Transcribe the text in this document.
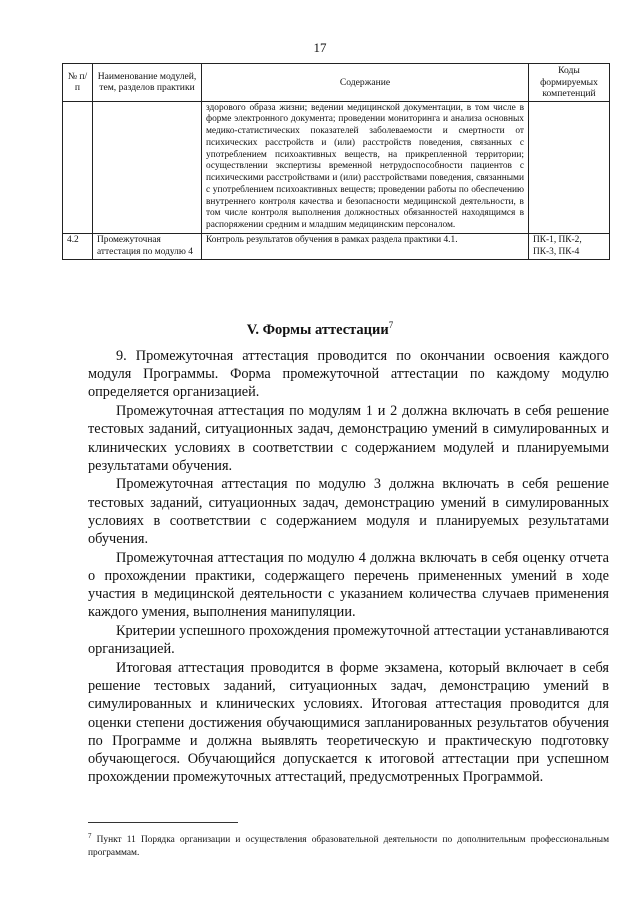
17
№ п/п	Наименование модулей, тем, разделов практики	Содержание	Коды формируемых компетенций
		здорового образа жизни; ведении медицинской документации, в том числе в форме электронного документа; проведении мониторинга и анализа основных медико-статистических показателей заболеваемости и смертности от психических расстройств и (или) расстройств поведения, связанных с употреблением психоактивных веществ, на прикрепленной территории; осуществлении экспертизы временной нетрудоспособности пациентов с психическими расстройствами и (или) расстройствами поведения, связанными с употреблением психоактивных веществ; проведении работы по обеспечению внутреннего контроля качества и безопасности медицинской деятельности, в том числе контроля выполнения должностных обязанностей находящимся в распоряжении средним и младшим медицинским персоналом.	
4.2	Промежуточная аттестация по модулю 4	Контроль результатов обучения в рамках раздела практики 4.1.	ПК-1, ПК-2, ПК-3, ПК-4
V. Формы аттестации$^7$

9. Промежуточная аттестация проводится по окончании освоения каждого модуля Программы. Форма промежуточной аттестации по каждому модулю определяется организацией.

Промежуточная аттестация по модулям 1 и 2 должна включать в себя решение тестовых заданий, ситуационных задач, демонстрацию умений в симулированных и клинических условиях в соответствии с содержанием модулей и планируемыми результатами обучения.

Промежуточная аттестация по модулю 3 должна включать в себя решение тестовых заданий, ситуационных задач, демонстрацию умений в симулированных условиях в соответствии с содержанием модуля и планируемых результатами обучения.

Промежуточная аттестация по модулю 4 должна включать в себя оценку отчета о прохождении практики, содержащего перечень примененных умений в ходе участия в медицинской деятельности с указанием количества случаев применения каждого умения, выполнения манипуляции.

Критерии успешного прохождения промежуточной аттестации устанавливаются организацией.

Итоговая аттестация проводится в форме экзамена, который включает в себя решение тестовых заданий, ситуационных задач, демонстрацию умений в симулированных и клинических условиях. Итоговая аттестация проводится для оценки степени достижения обучающимися запланированных результатов обучения по Программе и должна выявлять теоретическую и практическую подготовку обучающегося. Обучающийся допускается к итоговой аттестации при успешном прохождении промежуточных аттестаций, предусмотренных Программой.

$^7$ Пункт 11 Порядка организации и осуществления образовательной деятельности по дополнительным профессиональным программам.
